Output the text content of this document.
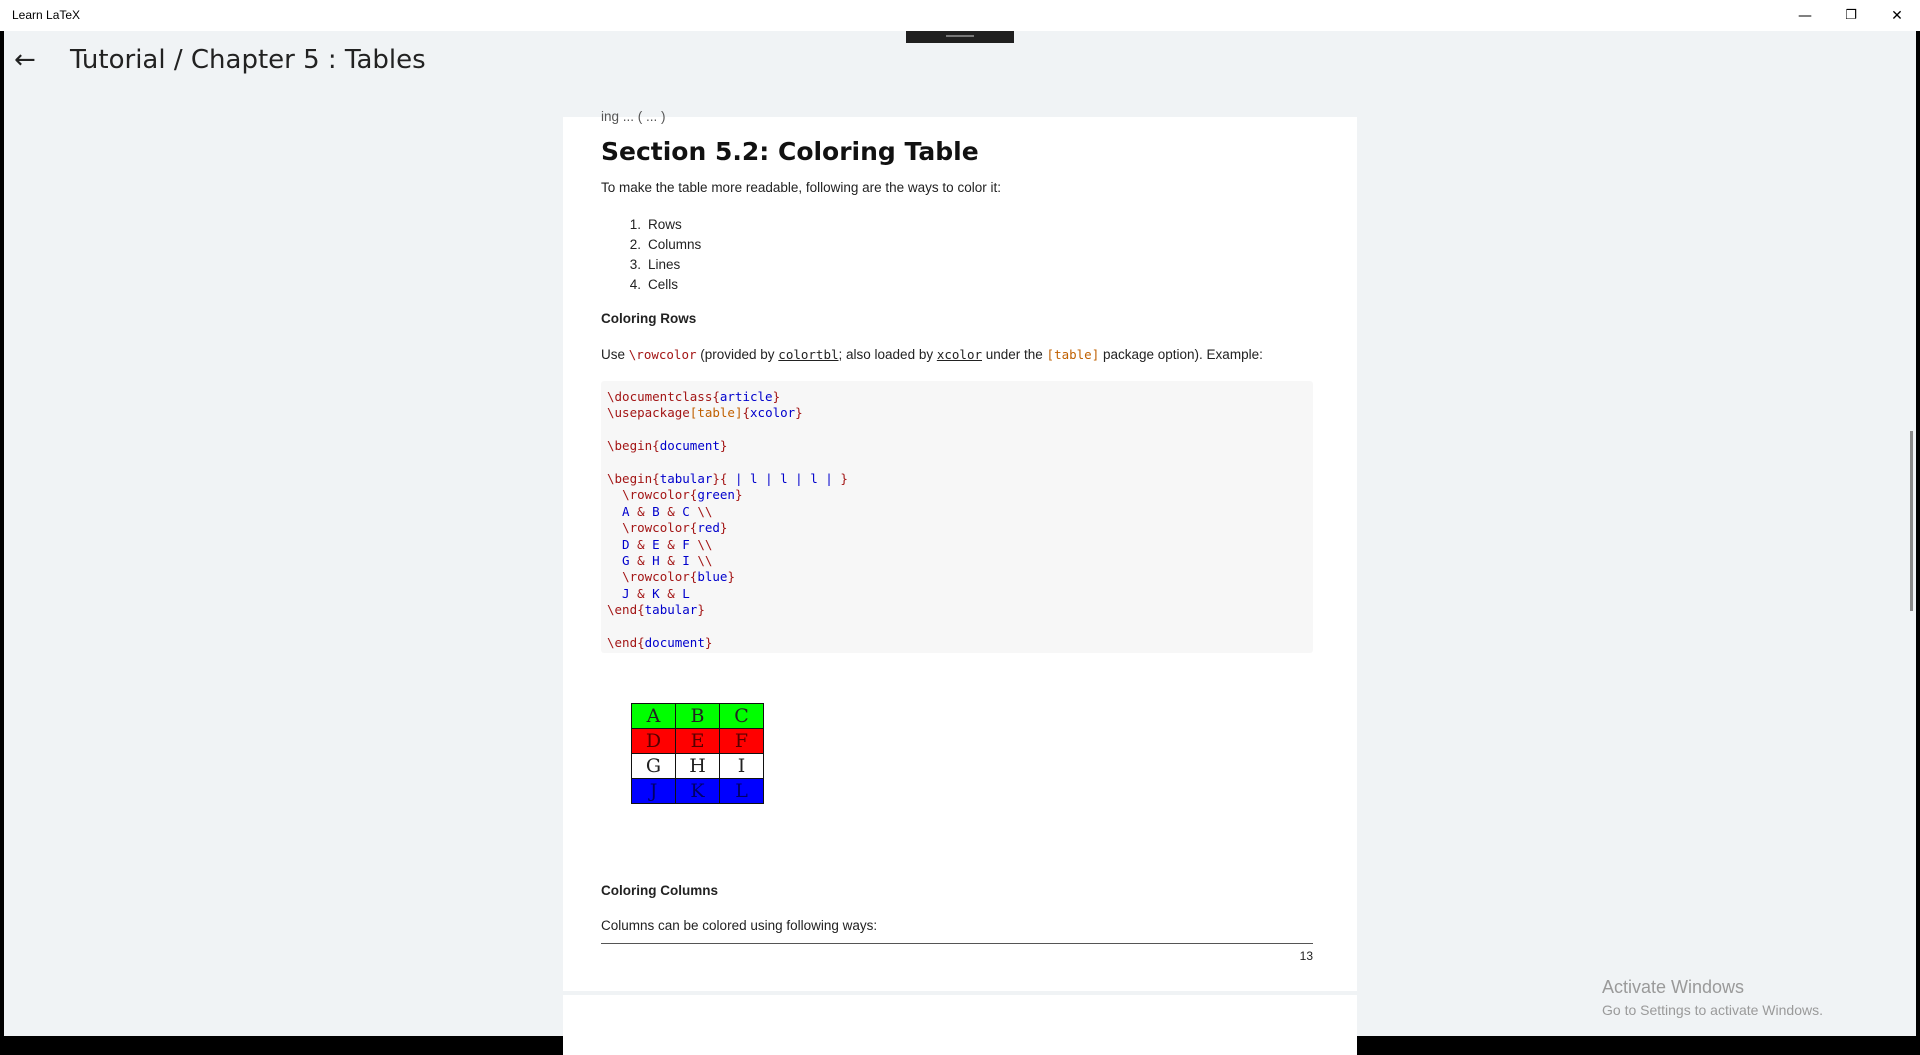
Learn LaTeX	—	❐	✕
← Tutorial / Chapter 5 : Tables
ing ... ( ... )
Section 5.2: Coloring Table
To make the table more readable, following are the ways to color it:
1. Rows
2. Columns
3. Lines
4. Cells
Coloring Rows
Use \rowcolor (provided by colortbl; also loaded by xcolor under the [table] package option). Example:
\documentclass{article}
\usepackage[table]{xcolor}
\begin{document}
\begin{tabular}{ | l | l | l | }
\rowcolor{green}
A & B & C \\
\rowcolor{red}
D & E & F \\
G & H & I \\
\rowcolor{blue}
J & K & L
\end{tabular}
\end{document}
A	B	C
D	E	F
G	H	I
J	K	L
Coloring Columns
Columns can be colored using following ways:
13
Activate Windows
Go to Settings to activate Windows.
